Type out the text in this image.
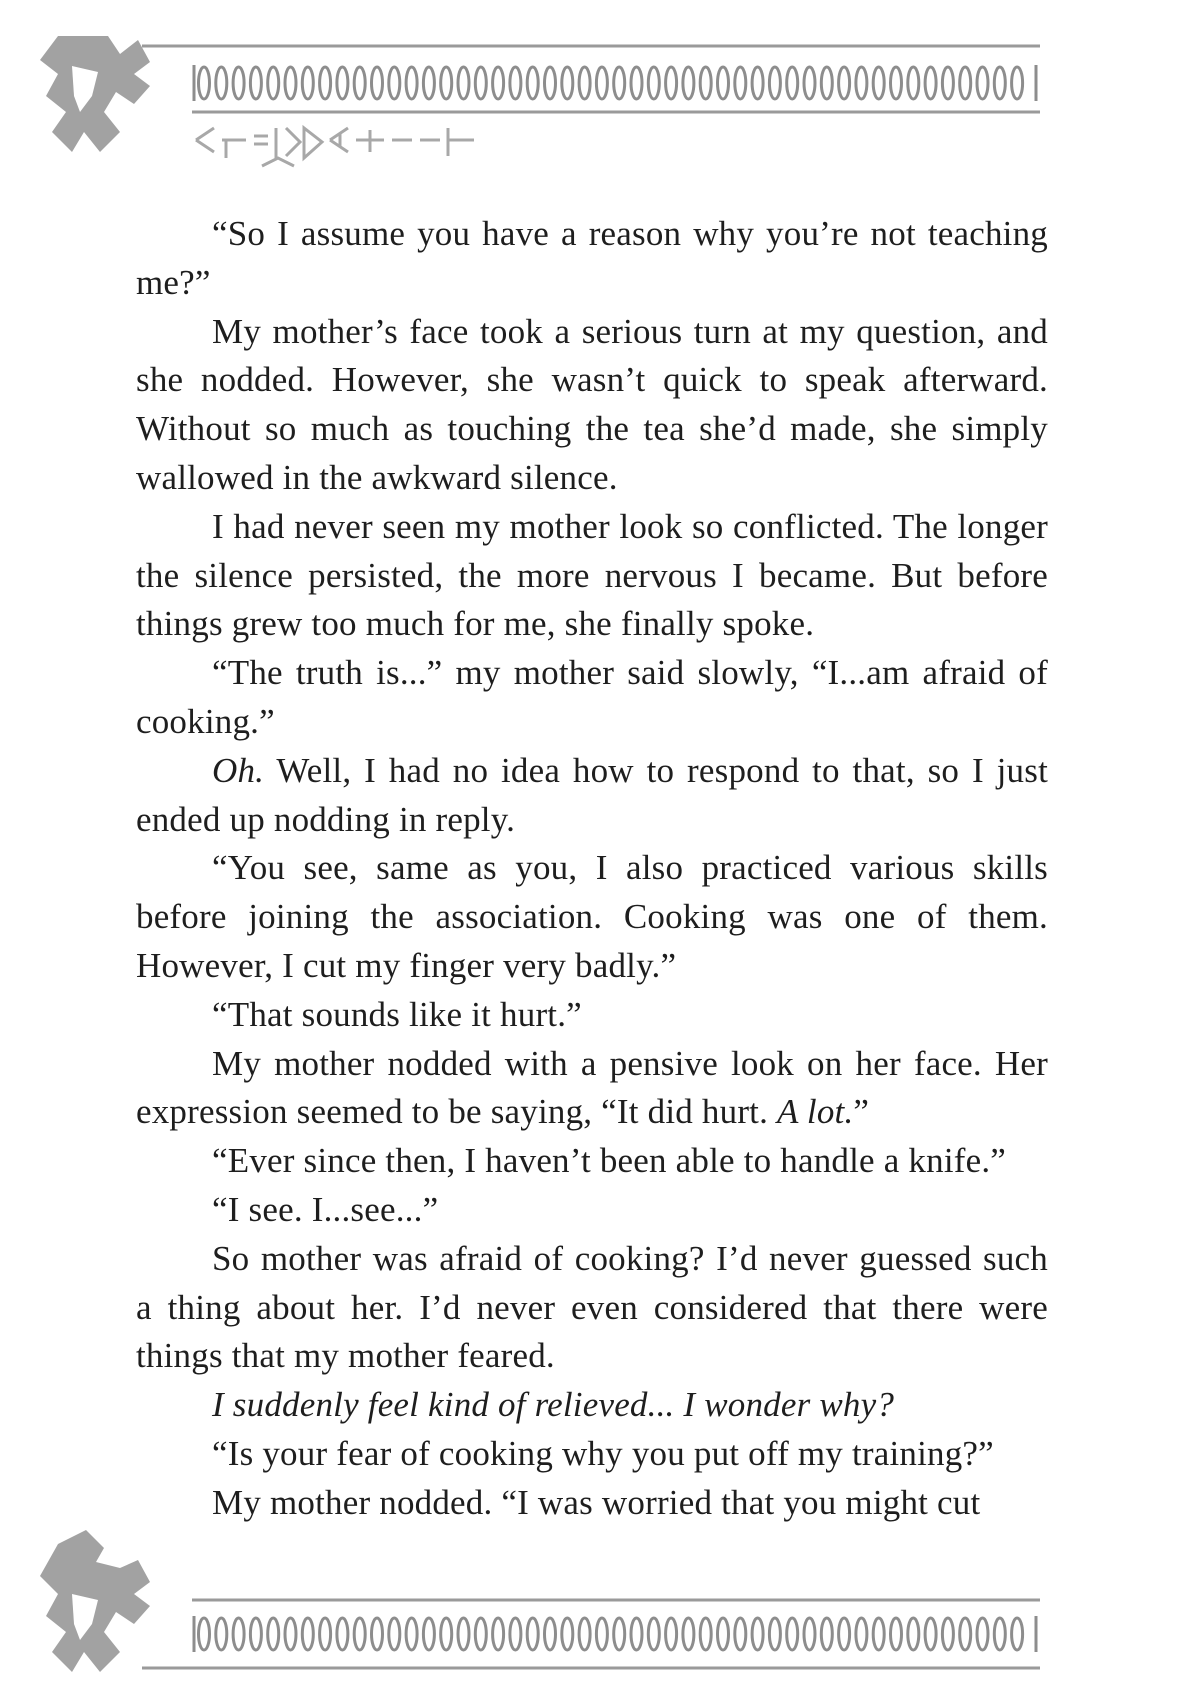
“So I assume you have a reason why you’re not teaching me?”

My mother’s face took a serious turn at my question, and she nodded. However, she wasn’t quick to speak afterward. Without so much as touching the tea she’d made, she simply wallowed in the awkward silence.

I had never seen my mother look so conflicted. The longer the silence persisted, the more nervous I became. But before things grew too much for me, she finally spoke.

“The truth is...” my mother said slowly, “I...am afraid of cooking.”

Oh. Well, I had no idea how to respond to that, so I just ended up nodding in reply.

“You see, same as you, I also practiced various skills before joining the association. Cooking was one of them. However, I cut my finger very badly.”

“That sounds like it hurt.”

My mother nodded with a pensive look on her face. Her expression seemed to be saying, “It did hurt. A lot.”

“Ever since then, I haven’t been able to handle a knife.”

“I see. I...see...”

So mother was afraid of cooking? I’d never guessed such a thing about her. I’d never even considered that there were things that my mother feared.

I suddenly feel kind of relieved... I wonder why?

“Is your fear of cooking why you put off my training?”

My mother nodded. “I was worried that you might cut
